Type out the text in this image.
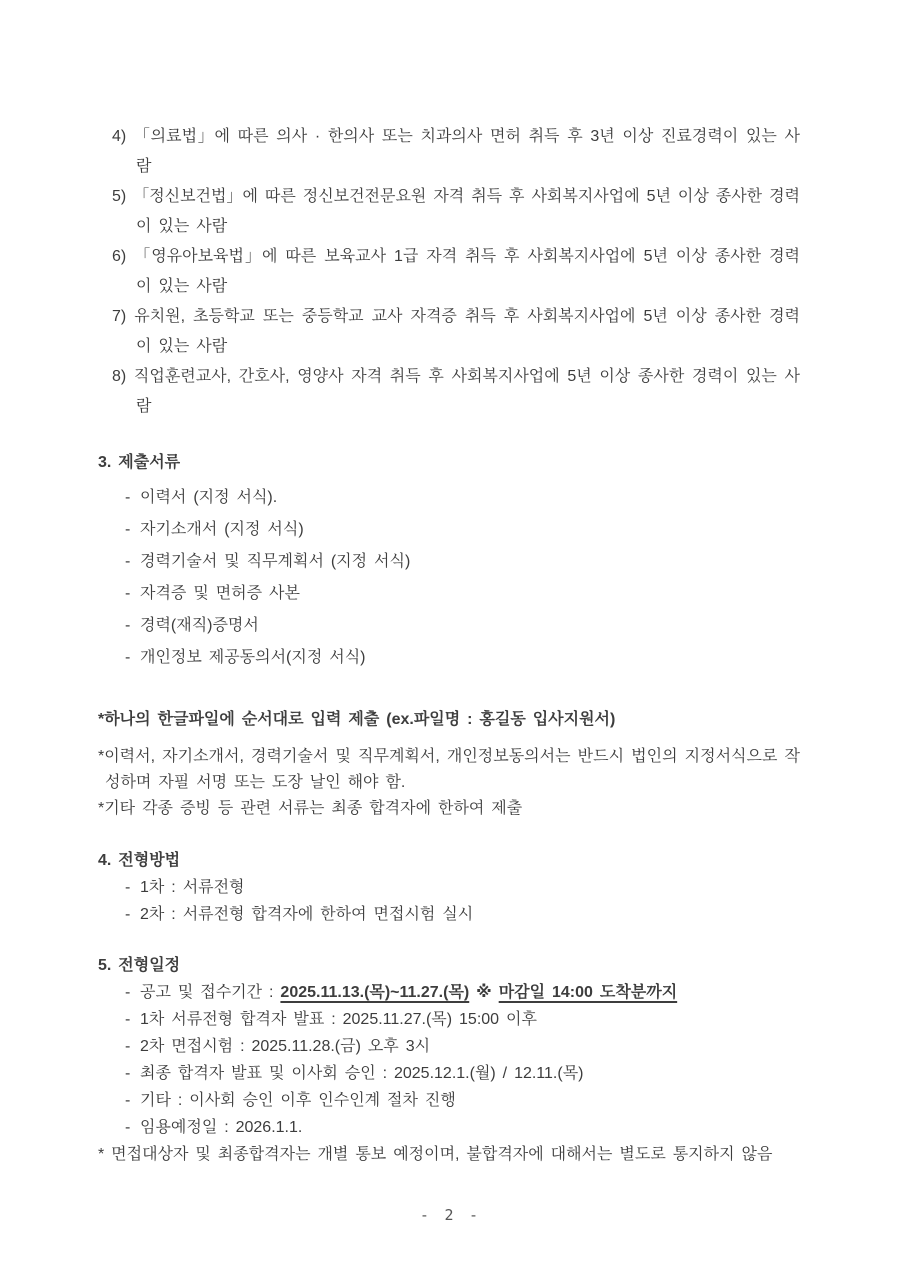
4) 「의료법」에 따른 의사 · 한의사 또는 치과의사 면허 취득 후 3년 이상 진료경력이 있는 사람
5) 「정신보건법」에 따른 정신보건전문요원 자격 취득 후 사회복지사업에 5년 이상 종사한 경력이 있는 사람
6) 「영유아보육법」에 따른 보육교사 1급 자격 취득 후 사회복지사업에 5년 이상 종사한 경력이 있는 사람
7) 유치원, 초등학교 또는 중등학교 교사 자격증 취득 후 사회복지사업에 5년 이상 종사한 경력이 있는 사람
8) 직업훈련교사, 간호사, 영양사 자격 취득 후 사회복지사업에 5년 이상 종사한 경력이 있는 사람
3. 제출서류
- 이력서 (지정 서식).
- 자기소개서 (지정 서식)
- 경력기술서 및 직무계획서 (지정 서식)
- 자격증 및 면허증 사본
- 경력(재직)증명서
- 개인정보 제공동의서(지정 서식)
*하나의 한글파일에 순서대로 입력 제출 (ex.파일명 : 홍길동 입사지원서)
*이력서, 자기소개서, 경력기술서 및 직무계획서, 개인정보동의서는 반드시 법인의 지정서식으로 작성하며 자필 서명 또는 도장 날인 해야 함.
*기타 각종 증빙 등 관련 서류는 최종 합격자에 한하여 제출
4. 전형방법
- 1차 : 서류전형
- 2차 : 서류전형 합격자에 한하여 면접시험 실시
5. 전형일정
- 공고 및 접수기간 : 2025.11.13.(목)~11.27.(목) ※ 마감일 14:00 도착분까지
- 1차 서류전형 합격자 발표 : 2025.11.27.(목) 15:00 이후
- 2차 면접시험 : 2025.11.28.(금) 오후 3시
- 최종 합격자 발표 및 이사회 승인 : 2025.12.1.(월) / 12.11.(목)
- 기타 : 이사회 승인 이후 인수인계 절차 진행
- 임용예정일 : 2026.1.1.
* 면접대상자 및 최종합격자는 개별 통보 예정이며, 불합격자에 대해서는 별도로 통지하지 않음
- 2 -
